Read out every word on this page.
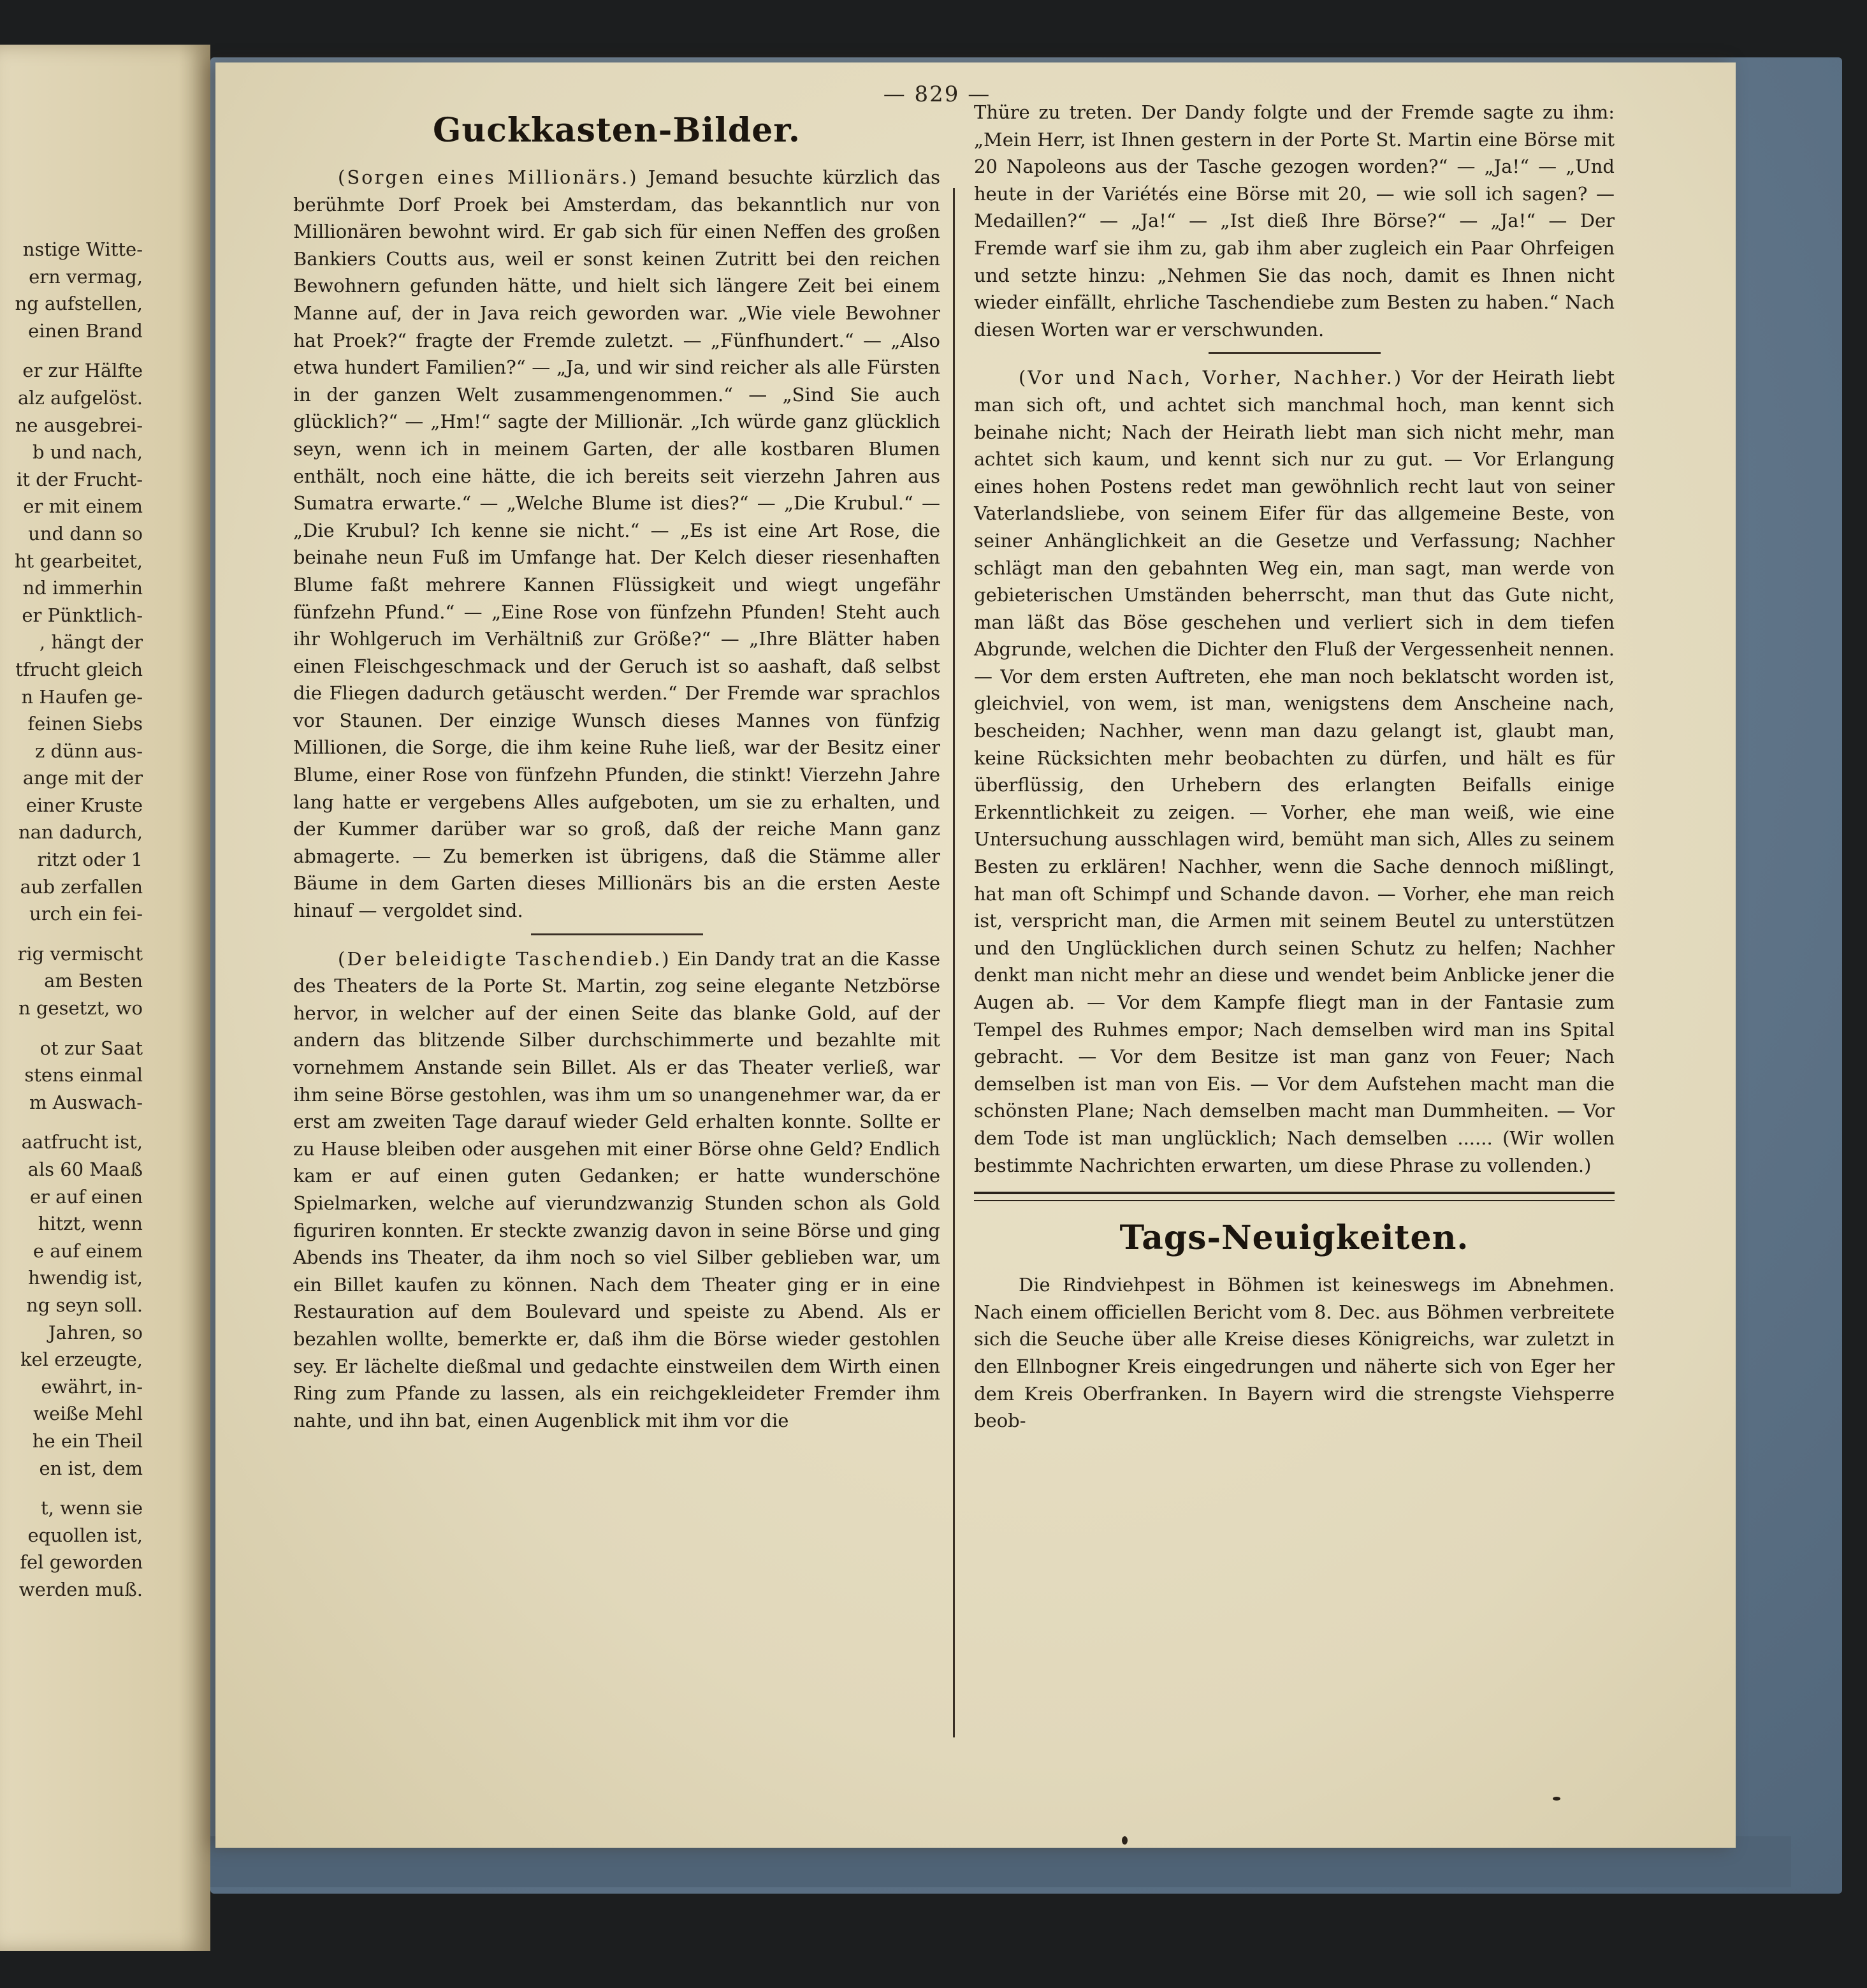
nstige Witte-
ern vermag,
ng aufstellen,
einen Brand
er zur Hälfte
alz aufgelöst.
ne ausgebrei-
b und nach,
it der Frucht-
er mit einem
und dann so
ht gearbeitet,
nd immerhin
er Pünktlich-
, hängt der
tfrucht gleich
n Haufen ge-
feinen Siebs
z dünn aus-
ange mit der
einer Kruste
nan dadurch,
ritzt oder 1
aub zerfallen
urch ein fei-
rig vermischt
am Besten
n gesetzt, wo
ot zur Saat
stens einmal
m Auswach-
aatfrucht ist,
als 60 Maaß
er auf einen
hitzt, wenn
e auf einem
hwendig ist,
ng seyn soll.
Jahren, so
kel erzeugte,
ewährt, in-
weiße Mehl
he ein Theil
en ist, dem
t, wenn sie
equollen ist,
fel geworden
werden muß.
— 829 —
Guckkasten-Bilder.

(Sorgen eines Millionärs.) Jemand besuchte kürzlich das berühmte Dorf Proek bei Amsterdam, das bekanntlich nur von Millionären bewohnt wird. Er gab sich für einen Neffen des großen Bankiers Coutts aus, weil er sonst keinen Zutritt bei den reichen Bewohnern gefunden hätte, und hielt sich längere Zeit bei einem Manne auf, der in Java reich geworden war. „Wie viele Bewohner hat Proek?“ fragte der Fremde zuletzt. — „Fünfhundert.“ — „Also etwa hundert Familien?“ — „Ja, und wir sind reicher als alle Fürsten in der ganzen Welt zusammengenommen.“ — „Sind Sie auch glücklich?“ — „Hm!“ sagte der Millionär. „Ich würde ganz glücklich seyn, wenn ich in meinem Garten, der alle kostbaren Blumen enthält, noch eine hätte, die ich bereits seit vierzehn Jahren aus Sumatra erwarte.“ — „Welche Blume ist dies?“ — „Die Krubul.“ — „Die Krubul? Ich kenne sie nicht.“ — „Es ist eine Art Rose, die beinahe neun Fuß im Umfange hat. Der Kelch dieser riesenhaften Blume faßt mehrere Kannen Flüssigkeit und wiegt ungefähr fünfzehn Pfund.“ — „Eine Rose von fünfzehn Pfunden! Steht auch ihr Wohlgeruch im Verhältniß zur Größe?“ — „Ihre Blätter haben einen Fleischgeschmack und der Geruch ist so aashaft, daß selbst die Fliegen dadurch getäuscht werden.“ Der Fremde war sprachlos vor Staunen. Der einzige Wunsch dieses Mannes von fünfzig Millionen, die Sorge, die ihm keine Ruhe ließ, war der Besitz einer Blume, einer Rose von fünfzehn Pfunden, die stinkt! Vierzehn Jahre lang hatte er vergebens Alles aufgeboten, um sie zu erhalten, und der Kummer darüber war so groß, daß der reiche Mann ganz abmagerte. — Zu bemerken ist übrigens, daß die Stämme aller Bäume in dem Garten dieses Millionärs bis an die ersten Aeste hinauf — vergoldet sind.

(Der beleidigte Taschendieb.) Ein Dandy trat an die Kasse des Theaters de la Porte St. Martin, zog seine elegante Netzbörse hervor, in welcher auf der einen Seite das blanke Gold, auf der andern das blitzende Silber durchschimmerte und bezahlte mit vornehmem Anstande sein Billet. Als er das Theater verließ, war ihm seine Börse gestohlen, was ihm um so unangenehmer war, da er erst am zweiten Tage darauf wieder Geld erhalten konnte. Sollte er zu Hause bleiben oder ausgehen mit einer Börse ohne Geld? Endlich kam er auf einen guten Gedanken; er hatte wunderschöne Spielmarken, welche auf vierundzwanzig Stunden schon als Gold figuriren konnten. Er steckte zwanzig davon in seine Börse und ging Abends ins Theater, da ihm noch so viel Silber geblieben war, um ein Billet kaufen zu können. Nach dem Theater ging er in eine Restauration auf dem Boulevard und speiste zu Abend. Als er bezahlen wollte, bemerkte er, daß ihm die Börse wieder gestohlen sey. Er lächelte dießmal und gedachte einstweilen dem Wirth einen Ring zum Pfande zu lassen, als ein reichgekleideter Fremder ihm nahte, und ihn bat, einen Augenblick mit ihm vor die

Thüre zu treten. Der Dandy folgte und der Fremde sagte zu ihm: „Mein Herr, ist Ihnen gestern in der Porte St. Martin eine Börse mit 20 Napoleons aus der Tasche gezogen worden?“ — „Ja!“ — „Und heute in der Variétés eine Börse mit 20, — wie soll ich sagen? — Medaillen?“ — „Ja!“ — „Ist dieß Ihre Börse?“ — „Ja!“ — Der Fremde warf sie ihm zu, gab ihm aber zugleich ein Paar Ohrfeigen und setzte hinzu: „Nehmen Sie das noch, damit es Ihnen nicht wieder einfällt, ehrliche Taschendiebe zum Besten zu haben.“ Nach diesen Worten war er verschwunden.

(Vor und Nach, Vorher, Nachher.) Vor der Heirath liebt man sich oft, und achtet sich manchmal hoch, man kennt sich beinahe nicht; Nach der Heirath liebt man sich nicht mehr, man achtet sich kaum, und kennt sich nur zu gut. — Vor Erlangung eines hohen Postens redet man gewöhnlich recht laut von seiner Vaterlandsliebe, von seinem Eifer für das allgemeine Beste, von seiner Anhänglichkeit an die Gesetze und Verfassung; Nachher schlägt man den gebahnten Weg ein, man sagt, man werde von gebieterischen Umständen beherrscht, man thut das Gute nicht, man läßt das Böse geschehen und verliert sich in dem tiefen Abgrunde, welchen die Dichter den Fluß der Vergessenheit nennen. — Vor dem ersten Auftreten, ehe man noch beklatscht worden ist, gleichviel, von wem, ist man, wenigstens dem Anscheine nach, bescheiden; Nachher, wenn man dazu gelangt ist, glaubt man, keine Rücksichten mehr beobachten zu dürfen, und hält es für überflüssig, den Urhebern des erlangten Beifalls einige Erkenntlichkeit zu zeigen. — Vorher, ehe man weiß, wie eine Untersuchung ausschlagen wird, bemüht man sich, Alles zu seinem Besten zu erklären! Nachher, wenn die Sache dennoch mißlingt, hat man oft Schimpf und Schande davon. — Vorher, ehe man reich ist, verspricht man, die Armen mit seinem Beutel zu unterstützen und den Unglücklichen durch seinen Schutz zu helfen; Nachher denkt man nicht mehr an diese und wendet beim Anblicke jener die Augen ab. — Vor dem Kampfe fliegt man in der Fantasie zum Tempel des Ruhmes empor; Nach demselben wird man ins Spital gebracht. — Vor dem Besitze ist man ganz von Feuer; Nach demselben ist man von Eis. — Vor dem Aufstehen macht man die schönsten Plane; Nach demselben macht man Dummheiten. — Vor dem Tode ist man unglücklich; Nach demselben ...... (Wir wollen bestimmte Nachrichten erwarten, um diese Phrase zu vollenden.)

Tags-Neuigkeiten.

Die Rindviehpest in Böhmen ist keineswegs im Abnehmen. Nach einem officiellen Bericht vom 8. Dec. aus Böhmen verbreitete sich die Seuche über alle Kreise dieses Königreichs, war zuletzt in den Ellnbogner Kreis eingedrungen und näherte sich von Eger her dem Kreis Oberfranken. In Bayern wird die strengste Viehsperre beob-
